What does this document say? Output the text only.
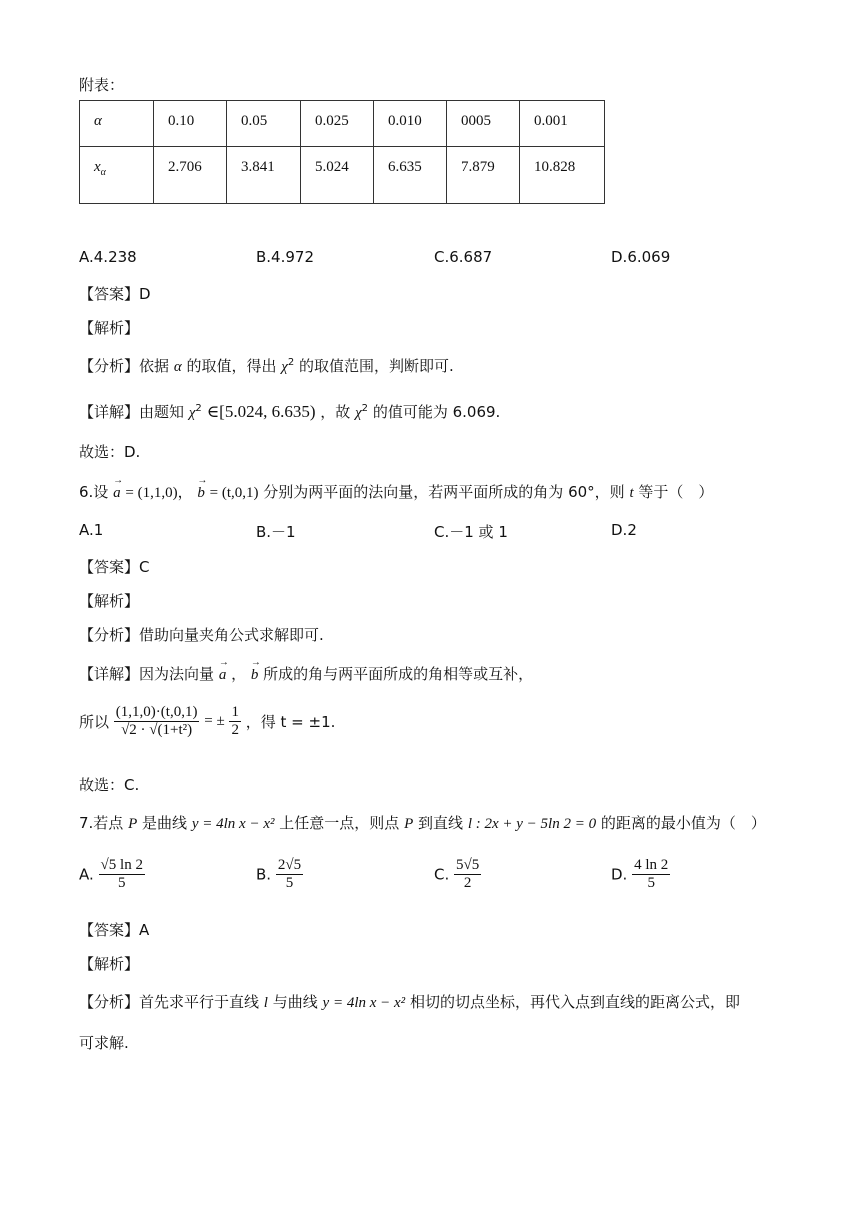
附表：
α	0.10	0.05	0.025	0.010	0005	0.001
$x_\alpha$	2.706	3.841	5.024	6.635	7.879	10.828
A.4.238	B.4.972	C.6.687	D.6.069
【答案】D
【解析】
【分析】依据 α 的取值，得出 $\chi^2$ 的取值范围，判断即可.
【详解】由题知 $\chi^2$ ∈[5.024, 6.635) ，故 $\chi^2$ 的值可能为 6.069.
故选：D.
6.设 → a = (1,1,0)， → b = (t,0,1) 分别为两平面的法向量，若两平面所成的角为 60°，则 t 等于（　）
A.1	B.－1	C.－1 或 1	D.2
【答案】C
【解析】
【分析】借助向量夹角公式求解即可.
【详解】因为法向量 → a ， → b 所成的角与两平面所成的角相等或互补，
所以 $\frac{(1,1,0)\cdot(t,0,1)}{\text{√2 · √(1+t²)}}$ = ± $\frac{1}{2}$ ，得 t = ±1.
故选：C.
7.若点 P 是曲线 y = 4ln x − x² 上任意一点，则点 P 到直线 l : 2x + y − 5ln 2 = 0 的距离的最小值为（　）
A. $\frac{√5 \ln 2}{5}$	B. $\frac{2√5}{5}$	C. $\frac{5√5}{2}$	D. $\frac{4 \ln 2}{5}$
【答案】A
【解析】
【分析】首先求平行于直线 l 与曲线 y = 4ln x − x² 相切的切点坐标，再代入点到直线的距离公式，即
可求解.
